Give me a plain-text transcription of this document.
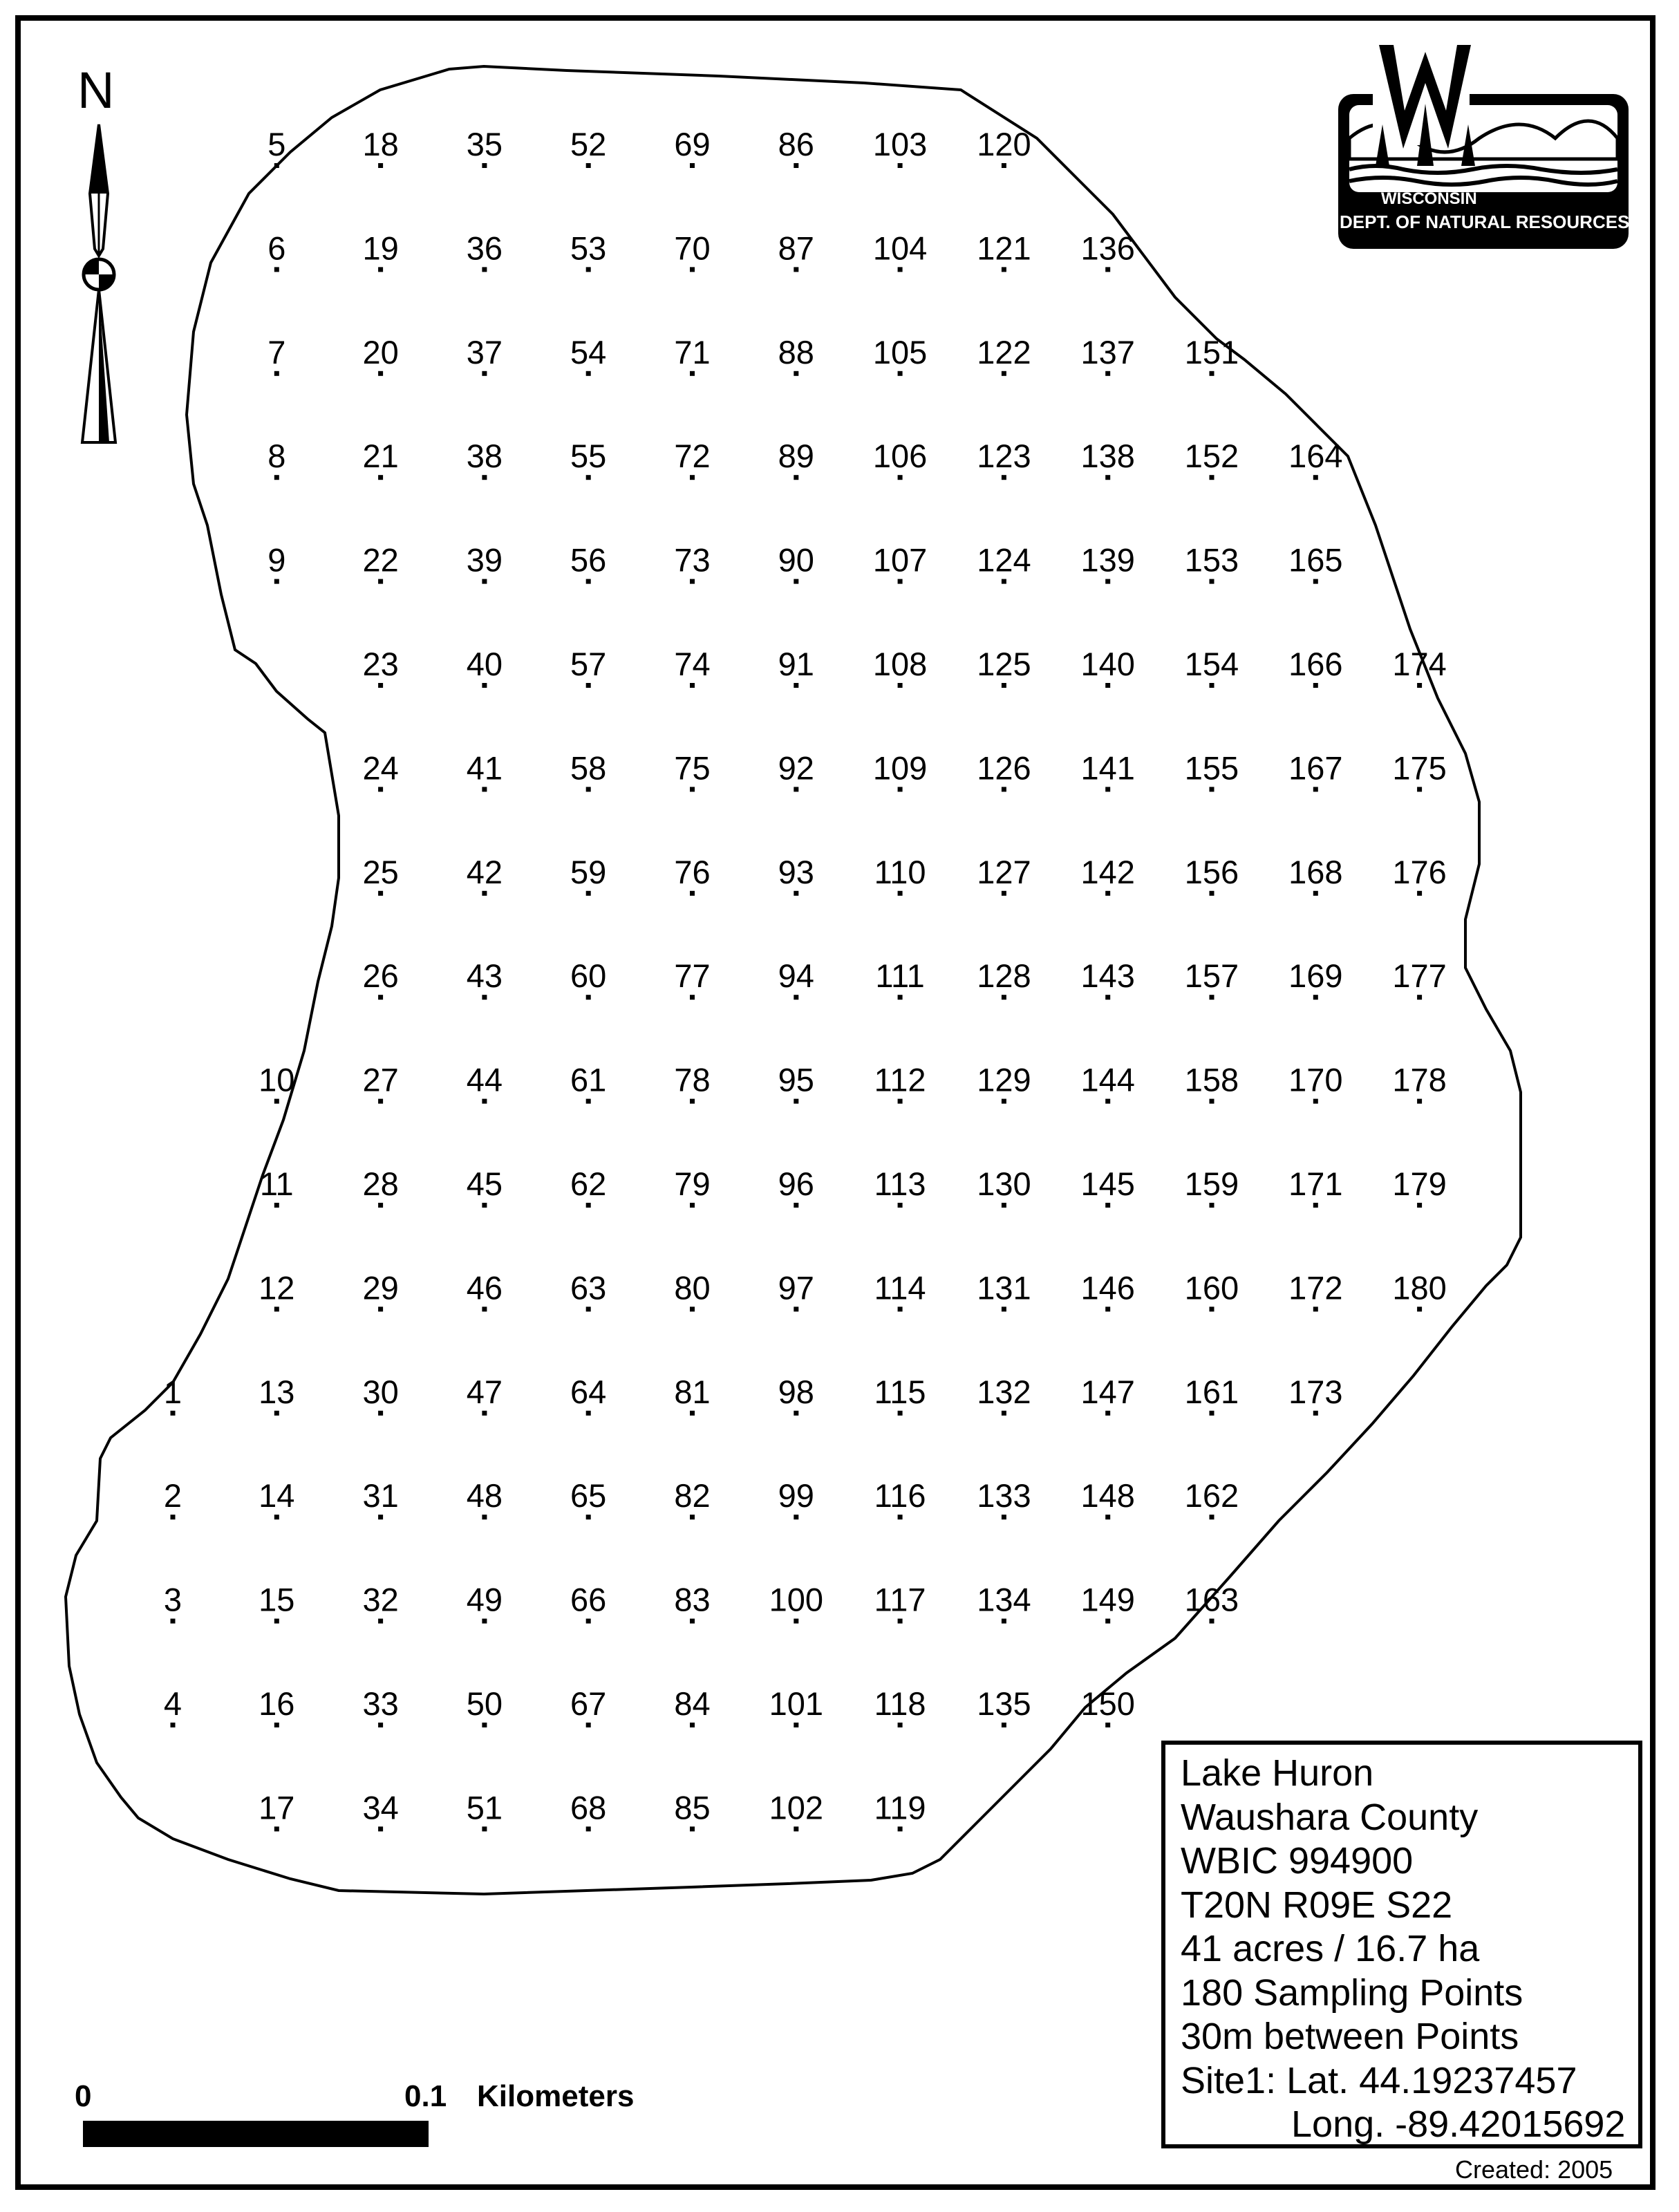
1
2
3
4
5
6
7
8
9
10
11
12
13
14
15
16
17
18
19
20
21
22
23
24
25
26
27
28
29
30
31
32
33
34
35
36
37
38
39
40
41
42
43
44
45
46
47
48
49
50
51
52
53
54
55
56
57
58
59
60
61
62
63
64
65
66
67
68
69
70
71
72
73
74
75
76
77
78
79
80
81
82
83
84
85
86
87
88
89
90
91
92
93
94
95
96
97
98
99
100
101
102
103
104
105
106
107
108
109
110
111
112
113
114
115
116
117
118
119
120
121
122
123
124
125
126
127
128
129
130
131
132
133
134
135
136
137
138
139
140
141
142
143
144
145
146
147
148
149
150
151
152
153
154
155
156
157
158
159
160
161
162
163
164
165
166
167
168
169
170
171
172
173
174
175
176
177
178
179
180
N
WISCONSIN
DEPT. OF NATURAL RESOURCES
0	0.1 Kilometers
Lake Huron
Waushara County
WBIC 994900
T20N R09E S22
41 acres / 16.7 ha
180 Sampling Points
30m between Points
Site1: Lat. 44.19237457
Long. -89.42015692
Created: 2005
